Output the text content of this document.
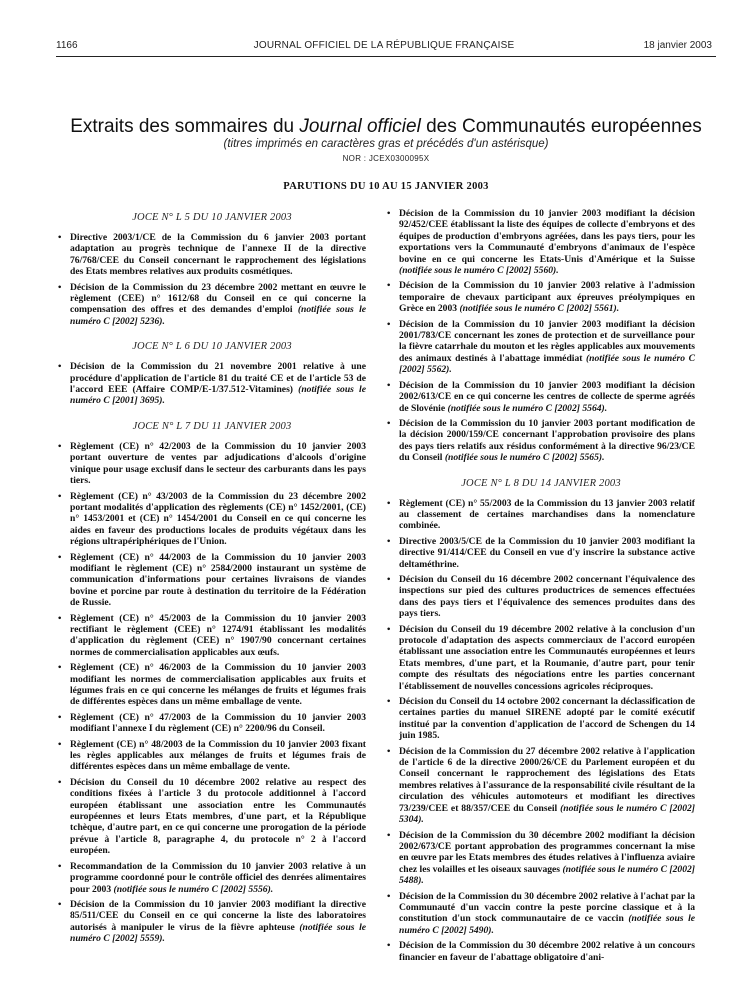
1166	JOURNAL OFFICIEL DE LA RÉPUBLIQUE FRANÇAISE	18 janvier 2003
Extraits des sommaires du Journal officiel des Communautés européennes
(titres imprimés en caractères gras et précédés d'un astérisque)
NOR : JCEX0300095X
PARUTIONS DU 10 AU 15 JANVIER 2003
JOCE N° L 5 DU 10 JANVIER 2003
• Directive 2003/1/CE de la Commission du 6 janvier 2003 portant adaptation au progrès technique de l'annexe II de la directive 76/768/CEE du Conseil concernant le rapprochement des législations des Etats membres relatives aux produits cosmétiques.
• Décision de la Commission du 23 décembre 2002 mettant en œuvre le règlement (CEE) n° 1612/68 du Conseil en ce qui concerne la compensation des offres et des demandes d'emploi (notifiée sous le numéro C [2002] 5236).
JOCE N° L 6 DU 10 JANVIER 2003
• Décision de la Commission du 21 novembre 2001 relative à une procédure d'application de l'article 81 du traité CE et de l'article 53 de l'accord EEE (Affaire COMP/E-1/37.512-Vitamines) (notifiée sous le numéro C [2001] 3695).
JOCE N° L 7 DU 11 JANVIER 2003
• Règlement (CE) n° 42/2003 de la Commission du 10 janvier 2003 portant ouverture de ventes par adjudications d'alcools d'origine vinique pour usage exclusif dans le secteur des carburants dans les pays tiers.
• Règlement (CE) n° 43/2003 de la Commission du 23 décembre 2002 portant modalités d'application des règlements (CE) n° 1452/2001, (CE) n° 1453/2001 et (CE) n° 1454/2001 du Conseil en ce qui concerne les aides en faveur des productions locales de produits végétaux dans les régions ultrapériphériques de l'Union.
• Règlement (CE) n° 44/2003 de la Commission du 10 janvier 2003 modifiant le règlement (CE) n° 2584/2000 instaurant un système de communication d'informations pour certaines livraisons de viandes bovine et porcine par route à destination du territoire de la Fédération de Russie.
• Règlement (CE) n° 45/2003 de la Commission du 10 janvier 2003 rectifiant le règlement (CEE) n° 1274/91 établissant les modalités d'application du règlement (CEE) n° 1907/90 concernant certaines normes de commercialisation applicables aux œufs.
• Règlement (CE) n° 46/2003 de la Commission du 10 janvier 2003 modifiant les normes de commercialisation applicables aux fruits et légumes frais en ce qui concerne les mélanges de fruits et légumes frais de différentes espèces dans un même emballage de vente.
• Règlement (CE) n° 47/2003 de la Commission du 10 janvier 2003 modifiant l'annexe I du règlement (CE) n° 2200/96 du Conseil.
• Règlement (CE) n° 48/2003 de la Commission du 10 janvier 2003 fixant les règles applicables aux mélanges de fruits et légumes frais de différentes espèces dans un même emballage de vente.
• Décision du Conseil du 10 décembre 2002 relative au respect des conditions fixées à l'article 3 du protocole additionnel à l'accord européen établissant une association entre les Communautés européennes et leurs Etats membres, d'une part, et la République tchèque, d'autre part, en ce qui concerne une prorogation de la période prévue à l'article 8, paragraphe 4, du protocole n° 2 à l'accord européen.
• Recommandation de la Commission du 10 janvier 2003 relative à un programme coordonné pour le contrôle officiel des denrées alimentaires pour 2003 (notifiée sous le numéro C [2002] 5556).
• Décision de la Commission du 10 janvier 2003 modifiant la directive 85/511/CEE du Conseil en ce qui concerne la liste des laboratoires autorisés à manipuler le virus de la fièvre aphteuse (notifiée sous le numéro C [2002] 5559).
• Décision de la Commission du 10 janvier 2003 modifiant la décision 92/452/CEE établissant la liste des équipes de collecte d'embryons et des équipes de production d'embryons agréées, dans les pays tiers, pour les exportations vers la Communauté d'embryons d'animaux de l'espèce bovine en ce qui concerne les Etats-Unis d'Amérique et la Suisse (notifiée sous le numéro C [2002] 5560).
• Décision de la Commission du 10 janvier 2003 relative à l'admission temporaire de chevaux participant aux épreuves préolympiques en Grèce en 2003 (notifiée sous le numéro C [2002] 5561).
• Décision de la Commission du 10 janvier 2003 modifiant la décision 2001/783/CE concernant les zones de protection et de surveillance pour la fièvre catarrhale du mouton et les règles applicables aux mouvements des animaux destinés à l'abattage immédiat (notifiée sous le numéro C [2002] 5562).
• Décision de la Commission du 10 janvier 2003 modifiant la décision 2002/613/CE en ce qui concerne les centres de collecte de sperme agréés de Slovénie (notifiée sous le numéro C [2002] 5564).
• Décision de la Commission du 10 janvier 2003 portant modification de la décision 2000/159/CE concernant l'approbation provisoire des plans des pays tiers relatifs aux résidus conformément à la directive 96/23/CE du Conseil (notifiée sous le numéro C [2002] 5565).
JOCE N° L 8 DU 14 JANVIER 2003
• Règlement (CE) n° 55/2003 de la Commission du 13 janvier 2003 relatif au classement de certaines marchandises dans la nomenclature combinée.
• Directive 2003/5/CE de la Commission du 10 janvier 2003 modifiant la directive 91/414/CEE du Conseil en vue d'y inscrire la substance active deltaméthrine.
• Décision du Conseil du 16 décembre 2002 concernant l'équivalence des inspections sur pied des cultures productrices de semences effectuées dans des pays tiers et l'équivalence des semences produites dans des pays tiers.
• Décision du Conseil du 19 décembre 2002 relative à la conclusion d'un protocole d'adaptation des aspects commerciaux de l'accord européen établissant une association entre les Communautés européennes et leurs Etats membres, d'une part, et la Roumanie, d'autre part, pour tenir compte des résultats des négociations entre les parties concernant l'établissement de nouvelles concessions agricoles réciproques.
• Décision du Conseil du 14 octobre 2002 concernant la déclassification de certaines parties du manuel SIRENE adopté par le comité exécutif institué par la convention d'application de l'accord de Schengen du 14 juin 1985.
• Décision de la Commission du 27 décembre 2002 relative à l'application de l'article 6 de la directive 2000/26/CE du Parlement européen et du Conseil concernant le rapprochement des législations des Etats membres relatives à l'assurance de la responsabilité civile résultant de la circulation des véhicules automoteurs et modifiant les directives 73/239/CEE et 88/357/CEE du Conseil (notifiée sous le numéro C [2002] 5304).
• Décision de la Commission du 30 décembre 2002 modifiant la décision 2002/673/CE portant approbation des programmes concernant la mise en œuvre par les Etats membres des études relatives à l'influenza aviaire chez les volailles et les oiseaux sauvages (notifiée sous le numéro C [2002] 5488).
• Décision de la Commission du 30 décembre 2002 relative à l'achat par la Communauté d'un vaccin contre la peste porcine classique et à la constitution d'un stock communautaire de ce vaccin (notifiée sous le numéro C [2002] 5490).
• Décision de la Commission du 30 décembre 2002 relative à un concours financier en faveur de l'abattage obligatoire d'ani-
